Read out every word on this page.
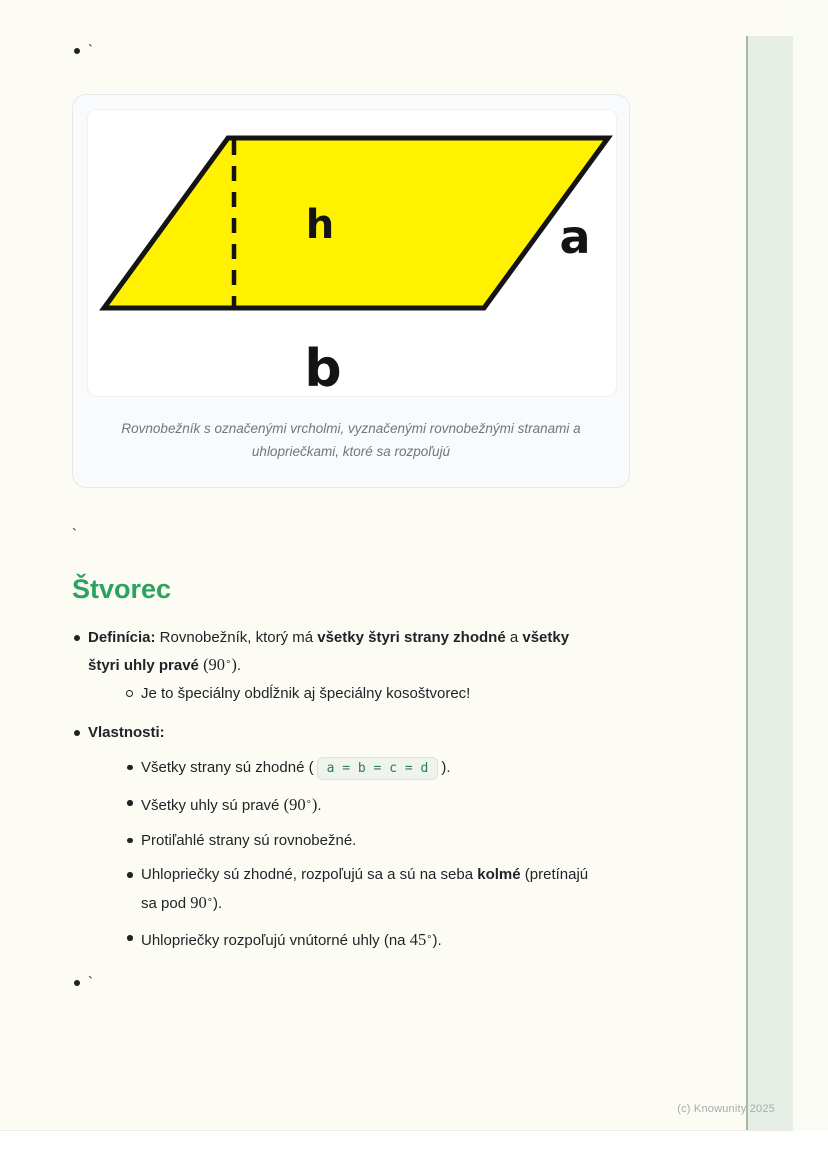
`
h	a
b
Rovnobežník s označenými vrcholmi, vyznačenými rovnobežnými stranami a uhlopriečkami, ktoré sa rozpoľujú
`
Štvorec
Definícia: Rovnobežník, ktorý má všetky štyri strany zhodné a všetky štyri uhly pravé (90∘).
Je to špeciálny obdĺžnik aj špeciálny kosoštvorec!
Vlastnosti:
Všetky strany sú zhodné ( a = b = c = d ).
Všetky uhly sú pravé (90∘).
Protiľahlé strany sú rovnobežné.
Uhlopriečky sú zhodné, rozpoľujú sa a sú na seba kolmé (pretínajú sa pod 90∘).
Uhlopriečky rozpoľujú vnútorné uhly (na 45∘).
`
(c) Knowunity 2025
